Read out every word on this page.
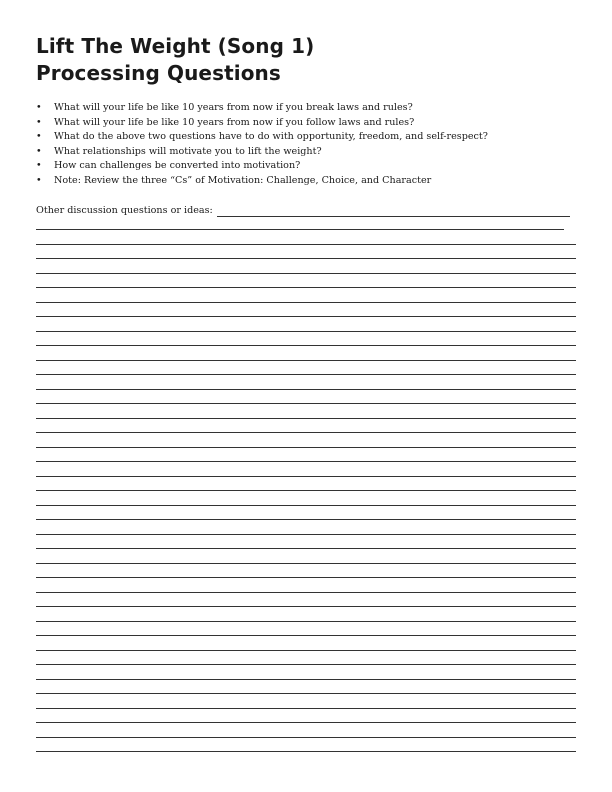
Lift The Weight (Song 1)
Processing Questions
• What will your life be like 10 years from now if you break laws and rules?
• What will your life be like 10 years from now if you follow laws and rules?
• What do the above two questions have to do with opportunity, freedom, and self-respect?
• What relationships will motivate you to lift the weight?
• How can challenges be converted into motivation?
• Note: Review the three “Cs” of Motivation: Challenge, Choice, and Character
Other discussion questions or ideas:
